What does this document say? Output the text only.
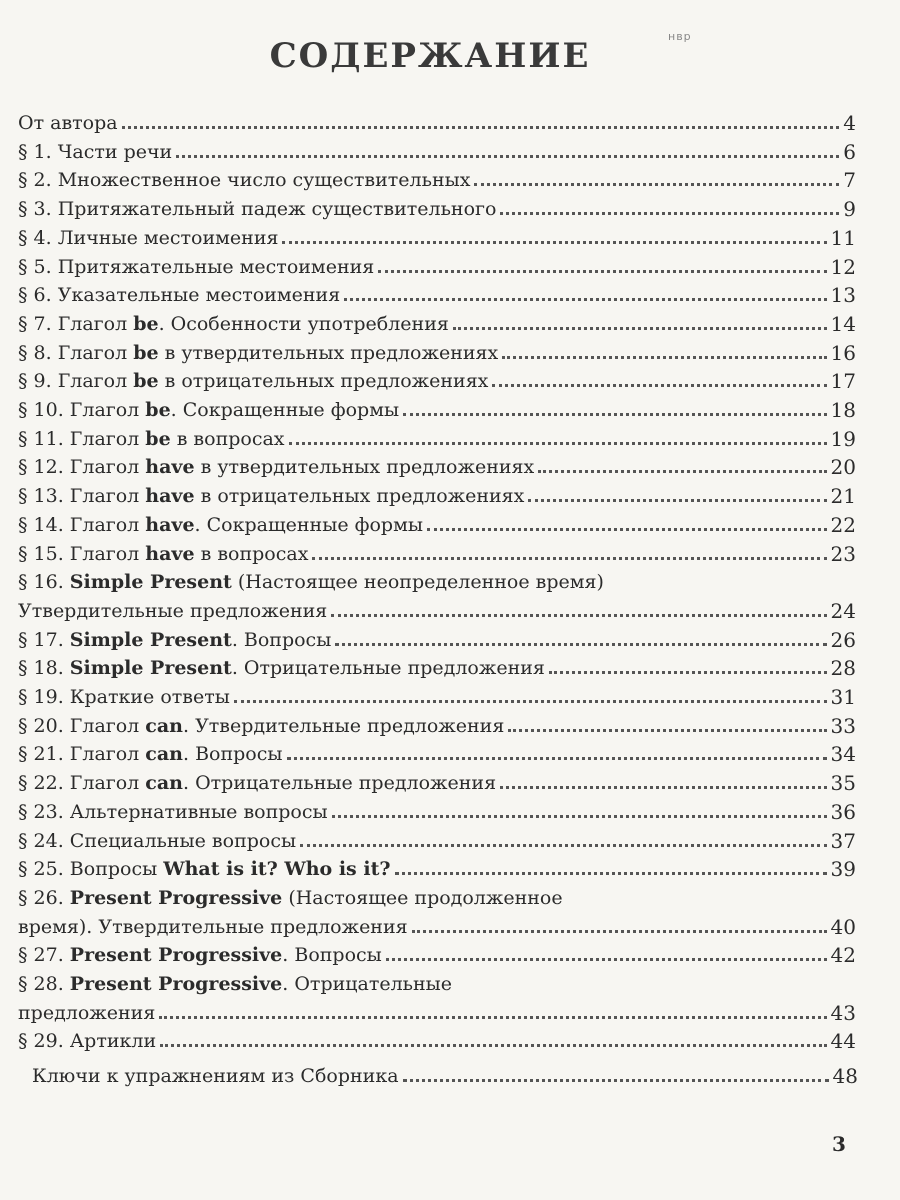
нвр
СОДЕРЖАНИЕ
От автора	4
§ 1. Части речи	6
§ 2. Множественное число существительных	7
§ 3. Притяжательный падеж существительного	9
§ 4. Личные местоимения	11
§ 5. Притяжательные местоимения	12
§ 6. Указательные местоимения	13
§ 7. Глагол be. Особенности употребления	14
§ 8. Глагол be в утвердительных предложениях	16
§ 9. Глагол be в отрицательных предложениях	17
§ 10. Глагол be. Сокращенные формы	18
§ 11. Глагол be в вопросах	19
§ 12. Глагол have в утвердительных предложениях	20
§ 13. Глагол have в отрицательных предложениях	21
§ 14. Глагол have. Сокращенные формы	22
§ 15. Глагол have в вопросах	23
§ 16. Simple Present (Настоящее неопределенное время)
Утвердительные предложения	24
§ 17. Simple Present. Вопросы	26
§ 18. Simple Present. Отрицательные предложения	28
§ 19. Краткие ответы	31
§ 20. Глагол can. Утвердительные предложения	33
§ 21. Глагол can. Вопросы	34
§ 22. Глагол can. Отрицательные предложения	35
§ 23. Альтернативные вопросы	36
§ 24. Специальные вопросы	37
§ 25. Вопросы What is it? Who is it?	39
§ 26. Present Progressive (Настоящее продолженное
время). Утвердительные предложения	40
§ 27. Present Progressive. Вопросы	42
§ 28. Present Progressive. Отрицательные
предложения	43
§ 29. Артикли	44
Ключи к упражнениям из Сборника	48
3
